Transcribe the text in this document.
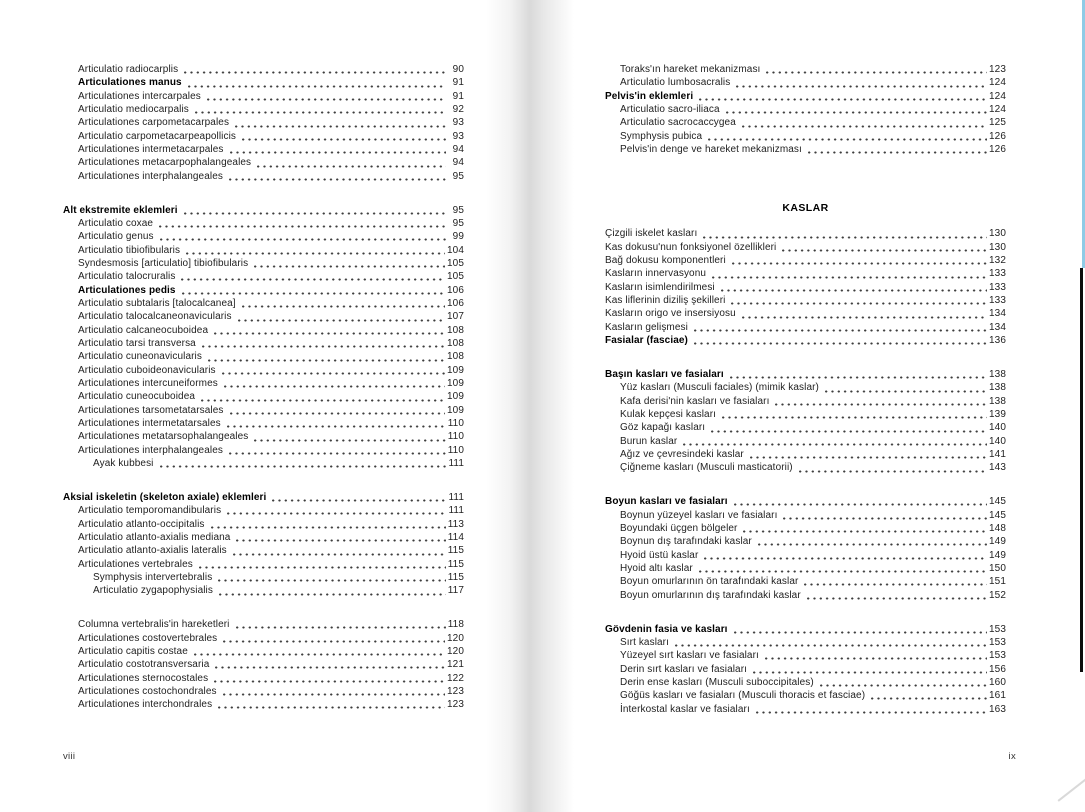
Articulatio radiocarplis	90
Articulationes manus	91
Articulationes intercarpales	91
Articulatio mediocarpalis	92
Articulationes carpometacarpales	93
Articulatio carpometacarpeapollicis	93
Articulationes intermetacarpales	94
Articulationes metacarpophalangeales	94
Articulationes interphalangeales	95
Alt ekstremite eklemleri	95
Articulatio coxae	95
Articulatio genus	99
Articulatio tibiofibularis	104
Syndesmosis [articulatio] tibiofibularis	105
Articulatio talocruralis	105
Articulationes pedis	106
Articulatio subtalaris [talocalcanea]	106
Articulatio talocalcaneonavicularis	107
Articulatio calcaneocuboidea	108
Articulatio tarsi transversa	108
Articulatio cuneonavicularis	108
Articulatio cuboideonavicularis	109
Articulationes intercuneiformes	109
Articulatio cuneocuboidea	109
Articulationes tarsometatarsales	109
Articulationes intermetatarsales	110
Articulationes metatarsophalangeales	110
Articulationes interphalangeales	110
Ayak kubbesi	111
Aksial iskeletin (skeleton axiale) eklemleri	111
Articulatio temporomandibularis	111
Articulatio atlanto-occipitalis	113
Articulatio atlanto-axialis mediana	114
Articulatio atlanto-axialis lateralis	115
Articulationes vertebrales	115
Symphysis intervertebralis	115
Articulatio zygapophysialis	117
Columna vertebralis'in hareketleri	118
Articulationes costovertebrales	120
Articulatio capitis costae	120
Articulatio costotransversaria	121
Articulationes sternocostales	122
Articulationes costochondrales	123
Articulationes interchondrales	123
viii
Toraks'ın hareket mekanizması	123
Articulatio lumbosacralis	124
Pelvis'in eklemleri	124
Articulatio sacro-iliaca	124
Articulatio sacrocaccygea	125
Symphysis pubica	126
Pelvis'in denge ve hareket mekanizması	126
KASLAR
Çizgili iskelet kasları	130
Kas dokusu'nun fonksiyonel özellikleri	130
Bağ dokusu komponentleri	132
Kasların innervasyonu	133
Kasların isimlendirilmesi	133
Kas liflerinin diziliş şekilleri	133
Kasların origo ve insersiyosu	134
Kasların gelişmesi	134
Fasialar (fasciae)	136
Başın kasları ve fasiaları	138
Yüz kasları (Musculi faciales) (mimik kaslar)	138
Kafa derisi'nin kasları ve fasiaları	138
Kulak kepçesi kasları	139
Göz kapağı kasları	140
Burun kaslar	140
Ağız ve çevresindeki kaslar	141
Çiğneme kasları (Musculi masticatorii)	143
Boyun kasları ve fasiaları	145
Boynun yüzeyel kasları ve fasiaları	145
Boyundaki üçgen bölgeler	148
Boynun dış tarafındaki kaslar	149
Hyoid üstü kaslar	149
Hyoid altı kaslar	150
Boyun omurlarının ön tarafındaki kaslar	151
Boyun omurlarının dış tarafındaki kaslar	152
Gövdenin fasia ve kasları	153
Sırt kasları	153
Yüzeyel sırt kasları ve fasiaları	153
Derin sırt kasları ve fasiaları	156
Derin ense kasları (Musculi suboccipitales)	160
Göğüs kasları ve fasiaları (Musculi thoracis et fasciae)	161
İnterkostal kaslar ve fasiaları	163
ix
